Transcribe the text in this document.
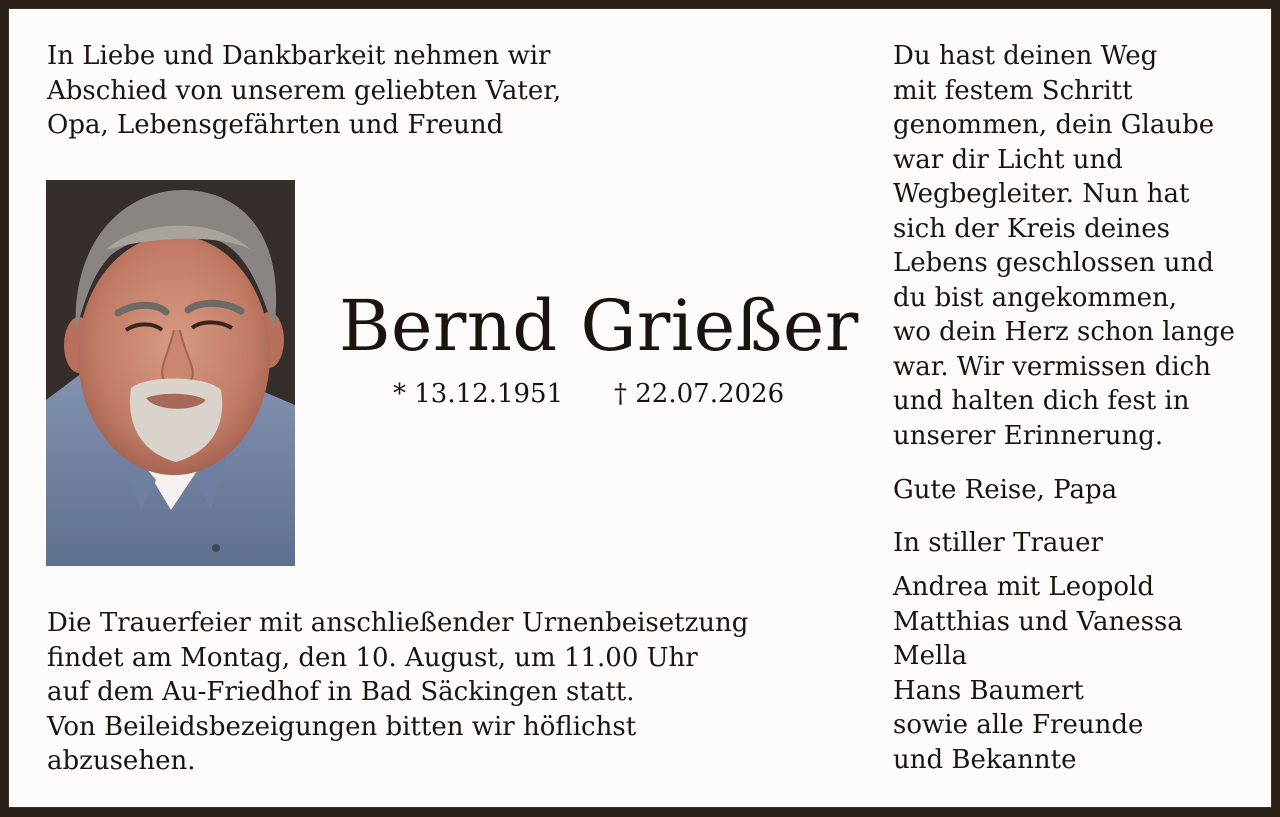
In Liebe und Dankbarkeit nehmen wir
Abschied von unserem geliebten Vater,
Opa, Lebensgefährten und Freund
Bernd Grießer
* 13.12.1951 † 22.07.2026
Die Trauerfeier mit anschließender Urnenbeisetzung
findet am Montag, den 10. August, um 11.00 Uhr
auf dem Au-Friedhof in Bad Säckingen statt.
Von Beileidsbezeigungen bitten wir höflichst
abzusehen.
Du hast deinen Weg
mit festem Schritt
genommen, dein Glaube
war dir Licht und
Wegbegleiter. Nun hat
sich der Kreis deines
Lebens geschlossen und
du bist angekommen,
wo dein Herz schon lange
war. Wir vermissen dich
und halten dich fest in
unserer Erinnerung.
Gute Reise, Papa
In stiller Trauer
Andrea mit Leopold
Matthias und Vanessa
Mella
Hans Baumert
sowie alle Freunde
und Bekannte
